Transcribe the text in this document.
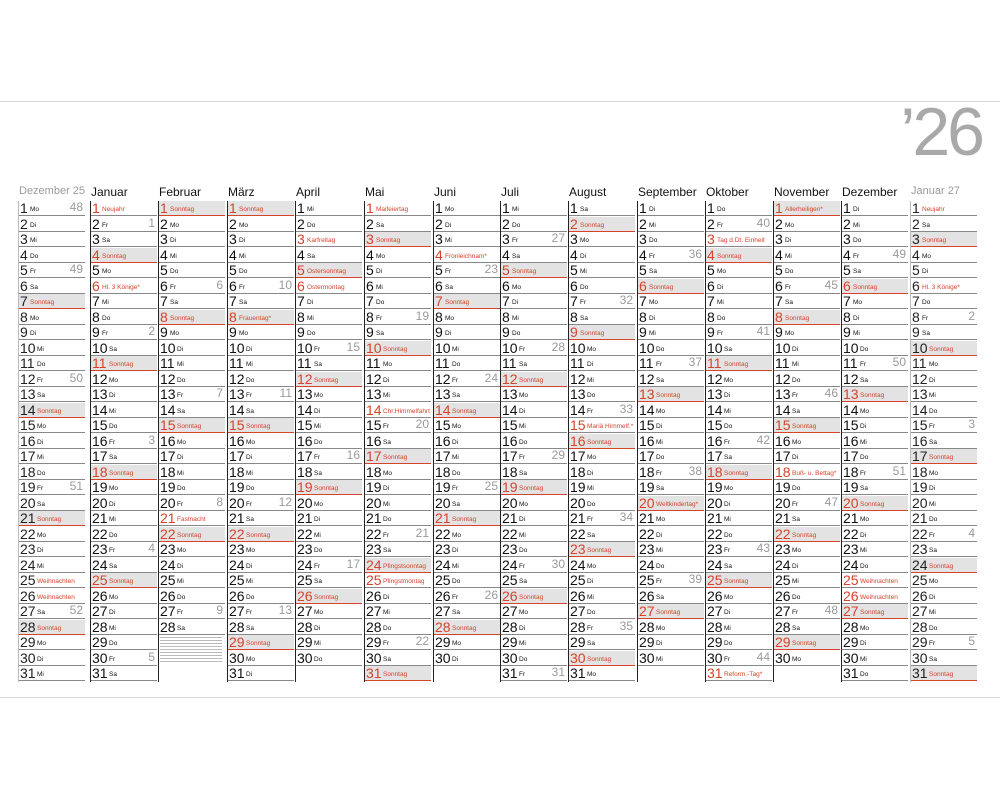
’26
Dezember 25
1 Mo	48
2 Di
3 Mi
4 Do
5 Fr	49
6 Sa
7 Sonntag
8 Mo
9 Di
10 Mi
11 Do
12 Fr 50
13 Sa
14 Sonntag
15 Mo
16 Di
17 Mi
18 Do
19 Fr 51
20 Sa
21 Sonntag
22 Mo
23 Di
24 Mi
25 Weihnachten
26 Weihnachten
27 Sa 52
28 Sonntag
29 Mo
30 Di
31 Mi
Januar
1 Neujahr
2 Fr	1
3 Sa
4 Sonntag
5 Mo
6 Hl. 3 Könige*
7 Mi
8 Do
9 Fr	2
10 Sa
11 Sonntag
12 Mo
13 Di
14 Mi
15 Do
16 Fr	3
17 Sa
18 Sonntag
19 Mo
20 Di
21 Mi
22 Do
23 Fr	4
24 Sa
25 Sonntag
26 Mo
27 Di
28 Mi
29 Do
30 Fr	5
31 Sa
Februar
1 Sonntag
2 Mo
3 Di
4 Mi
5 Do
6 Fr	6
7 Sa
8 Sonntag
9 Mo
10 Di
11 Mi
12 Do
13 Fr	7
14 Sa
15 Sonntag
16 Mo
17 Di
18 Mi
19 Do
20 Fr	8
21 Fastnacht
22 Sonntag
23 Mo
24 Di
25 Mi
26 Do
27 Fr	9
28 Sa
März
1 Sonntag
2 Mo
3 Di
4 Mi
5 Do
6 Fr	10
7 Sa
8 Frauentag*
9 Mo
10 Di
11 Mi
12 Do
13 Fr 11
14 Sa
15 Sonntag
16 Mo
17 Di
18 Mi
19 Do
20 Fr 12
21 Sa
22 Sonntag
23 Mo
24 Di
25 Mi
26 Do
27 Fr 13
28 Sa
29 Sonntag
30 Mo
31 Di
April
1 Mi
2 Do
3 Karfreitag
4 Sa
5 Ostersonntag
6 Ostermontag
7 Di
8 Mi
9 Do
10 Fr 15
11 Sa
12 Sonntag
13 Mo
14 Di
15 Mi
16 Do
17 Fr 16
18 Sa
19 Sonntag
20 Mo
21 Di
22 Mi
23 Do
24 Fr 17
25 Sa
26 Sonntag
27 Mo
28 Di
29 Mi
30 Do
Mai
1 Maifeiertag
2 Sa
3 Sonntag
4 Mo
5 Di
6 Mi
7 Do
8 Fr	19
9 Sa
10 Sonntag
11 Mo
12 Di
13 Mi
14 Chr.Himmelfahrt
15 Fr 20
16 Sa
17 Sonntag
18 Mo
19 Di
20 Mi
21 Do
22 Fr 21
23 Sa
24 Pfingstsonntag
25 Pfingstmontag
26 Di
27 Mi
28 Do
29 Fr 22
30 Sa
31 Sonntag
Juni
1 Mo
2 Di
3 Mi
4 Fronleichnam*
5 Fr	23
6 Sa
7 Sonntag
8 Mo
9 Di
10 Mi
11 Do
12 Fr 24
13 Sa
14 Sonntag
15 Mo
16 Di
17 Mi
18 Do
19 Fr 25
20 Sa
21 Sonntag
22 Mo
23 Di
24 Mi
25 Do
26 Fr 26
27 Sa
28 Sonntag
29 Mo
30 Di
Juli
1 Mi
2 Do
3 Fr	27
4 Sa
5 Sonntag
6 Mo
7 Di
8 Mi
9 Do
10 Fr 28
11 Sa
12 Sonntag
13 Mo
14 Di
15 Mi
16 Do
17 Fr 29
18 Sa
19 Sonntag
20 Mo
21 Di
22 Mi
23 Do
24 Fr 30
25 Sa
26 Sonntag
27 Mo
28 Di
29 Mi
30 Do
31 Fr 31
August
1 Sa
2 Sonntag
3 Mo
4 Di
5 Mi
6 Do
7 Fr	32
8 Sa
9 Sonntag
10 Mo
11 Di
12 Mi
13 Do
14 Fr 33
15 Mariä Himmelf.*
16 Sonntag
17 Mo
18 Di
19 Mi
20 Do
21 Fr 34
22 Sa
23 Sonntag
24 Mo
25 Di
26 Mi
27 Do
28 Fr 35
29 Sa
30 Sonntag
31 Mo
September
1 Di
2 Mi
3 Do
4 Fr	36
5 Sa
6 Sonntag
7 Mo
8 Di
9 Mi
10 Do
11 Fr 37
12 Sa
13 Sonntag
14 Mo
15 Di
16 Mi
17 Do
18 Fr 38
19 Sa
20 Weltkindertag*
21 Mo
22 Di
23 Mi
24 Do
25 Fr 39
26 Sa
27 Sonntag
28 Mo
29 Di
30 Mi
Oktober
1 Do
2 Fr	40
3 Tag d.Dt. Einheit
4 Sonntag
5 Mo
6 Di
7 Mi
8 Do
9 Fr	41
10 Sa
11 Sonntag
12 Mo
13 Di
14 Mi
15 Do
16 Fr 42
17 Sa
18 Sonntag
19 Mo
20 Di
21 Mi
22 Do
23 Fr 43
24 Sa
25 Sonntag
26 Mo
27 Di
28 Mi
29 Do
30 Fr 44
31 Reform.-Tag*
November
1 Allerheiligen*
2 Mo
3 Di
4 Mi
5 Do
6 Fr	45
7 Sa
8 Sonntag
9 Mo
10 Di
11 Mi
12 Do
13 Fr 46
14 Sa
15 Sonntag
16 Mo
17 Di
18 Buß- u. Bettag*
19 Do
20 Fr 47
21 Sa
22 Sonntag
23 Mo
24 Di
25 Mi
26 Do
27 Fr 48
28 Sa
29 Sonntag
30 Mo
Dezember
1 Di
2 Mi
3 Do
4 Fr	49
5 Sa
6 Sonntag
7 Mo
8 Di
9 Mi
10 Do
11 Fr 50
12 Sa
13 Sonntag
14 Mo
15 Di
16 Mi
17 Do
18 Fr 51
19 Sa
20 Sonntag
21 Mo
22 Di
23 Mi
24 Do
25 Weihnachten
26 Weihnachten
27 Sonntag
28 Mo
29 Di
30 Mi
31 Do
Januar 27
1 Neujahr
2 Sa
3 Sonntag
4 Mo
5 Di
6 Hl. 3 Könige*
7 Do
8 Fr	2
9 Sa
10 Sonntag
11 Mo
12 Di
13 Mi
14 Do
15 Fr	3
16 Sa
17 Sonntag
18 Mo
19 Di
20 Mi
21 Do
22 Fr	4
23 Sa
24 Sonntag
25 Mo
26 Di
27 Mi
28 Do
29 Fr	5
30 Sa
31 Sonntag
